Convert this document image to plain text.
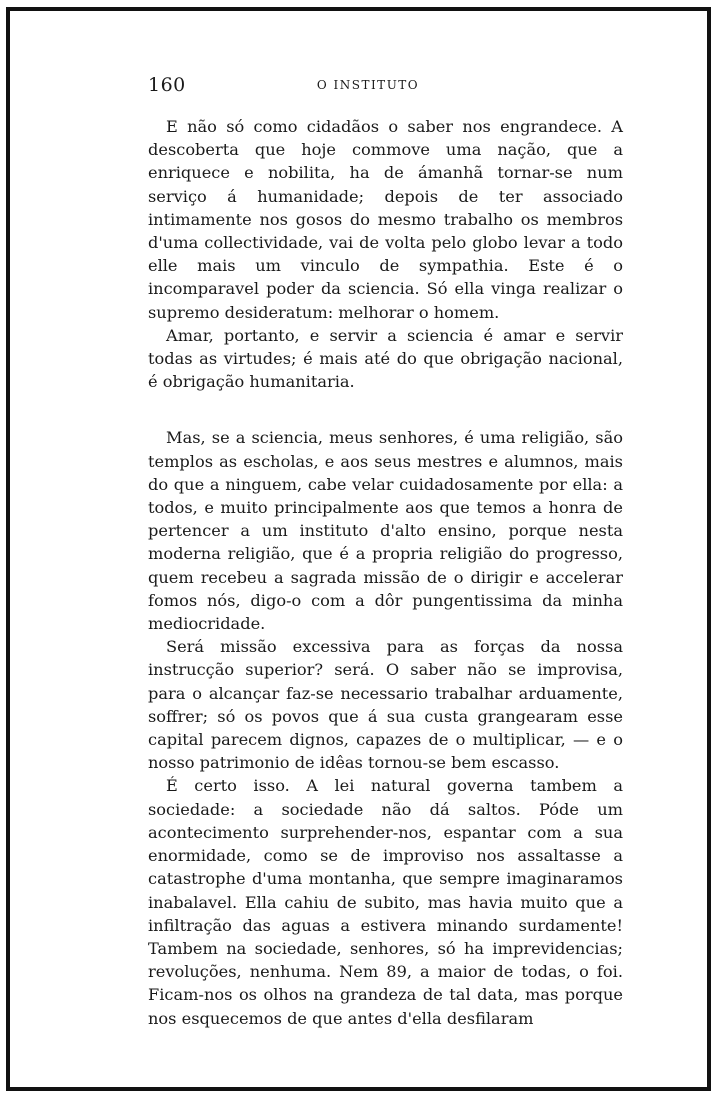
160	O INSTITUTO

E não só como cidadãos o saber nos engrandece. A descoberta que hoje commove uma nação, que a enriquece e nobilita, ha de ámanhã tornar-se num serviço á humanidade; depois de ter associado intimamente nos gosos do mesmo trabalho os membros d'uma collectividade, vai de volta pelo globo levar a todo elle mais um vinculo de sympathia. Este é o incomparavel poder da sciencia. Só ella vinga realizar o supremo desideratum: melhorar o homem.

Amar, portanto, e servir a sciencia é amar e servir todas as virtudes; é mais até do que obrigação nacional, é obrigação humanitaria.

Mas, se a sciencia, meus senhores, é uma religião, são templos as escholas, e aos seus mestres e alumnos, mais do que a ninguem, cabe velar cuidadosamente por ella: a todos, e muito principalmente aos que temos a honra de pertencer a um instituto d'alto ensino, porque nesta moderna religião, que é a propria religião do progresso, quem recebeu a sagrada missão de o dirigir e accelerar fomos nós, digo-o com a dôr pungentissima da minha mediocridade.

Será missão excessiva para as forças da nossa instrucção superior? será. O saber não se improvisa, para o alcançar faz-se necessario trabalhar arduamente, soffrer; só os povos que á sua custa grangearam esse capital parecem dignos, capazes de o multiplicar, — e o nosso patrimonio de idêas tornou-se bem escasso.

É certo isso. A lei natural governa tambem a sociedade: a sociedade não dá saltos. Póde um acontecimento surprehender-nos, espantar com a sua enormidade, como se de improviso nos assaltasse a catastrophe d'uma montanha, que sempre imaginaramos inabalavel. Ella cahiu de subito, mas havia muito que a infiltração das aguas a estivera minando surdamente! Tambem na sociedade, senhores, só ha imprevidencias; revoluções, nenhuma. Nem 89, a maior de todas, o foi. Ficam-nos os olhos na grandeza de tal data, mas porque nos esquecemos de que antes d'ella desfilaram
